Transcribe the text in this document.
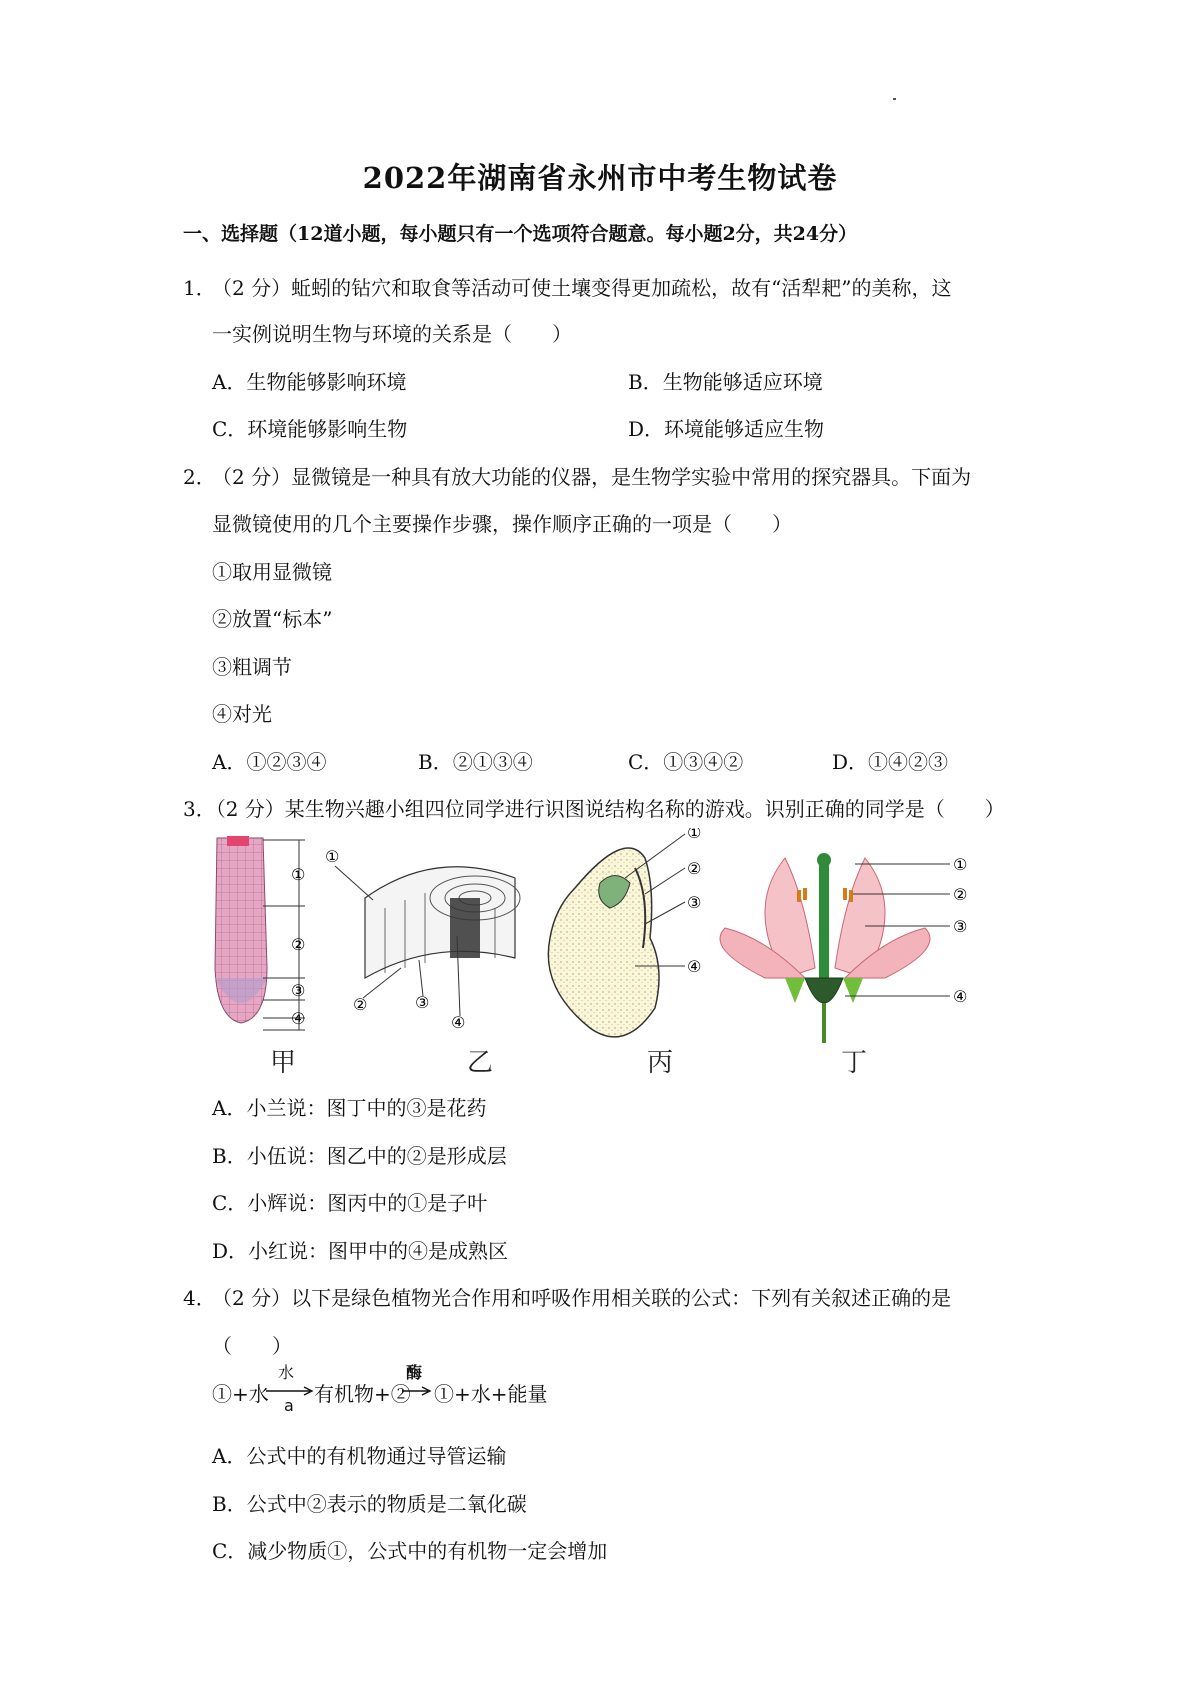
2022年湖南省永州市中考生物试卷
一、选择题（12道小题，每小题只有一个选项符合题意。每小题2分，共24分）
1．
（2 分）蚯蚓的钻穴和取食等活动可使土壤变得更加疏松，故有“活犁耙”的美称，这
一实例说明生物与环境的关系是（　　）
A．生物能够影响环境	B．生物能够适应环境
C．环境能够影响生物	D．环境能够适应生物
2．
（2 分）显微镜是一种具有放大功能的仪器，是生物学实验中常用的探究器具。下面为
显微镜使用的几个主要操作步骤，操作顺序正确的一项是（　　）
①取用显微镜
②放置“标本”
③粗调节
④对光
A．①②③④	B．②①③④	C．①③④②	D．①④②③
3．（2 分）某生物兴趣小组四位同学进行识图说结构名称的游戏。识别正确的同学是（　　）
①
②
③
④
①
②	③
④
①
②
③
④
①
②
③
④
甲	乙	丙	丁
A．小兰说：图丁中的③是花药
B．小伍说：图乙中的②是形成层
C．小辉说：图丙中的①是子叶
D．小红说：图甲中的④是成熟区
4．
（2 分）以下是绿色植物光合作用和呼吸作用相关联的公式：下列有关叙述正确的是
（　　）
①+水
水
a 有机物+②
酶
①+水+能量
A．公式中的有机物通过导管运输
B．公式中②表示的物质是二氧化碳
C．减少物质①，公式中的有机物一定会增加
